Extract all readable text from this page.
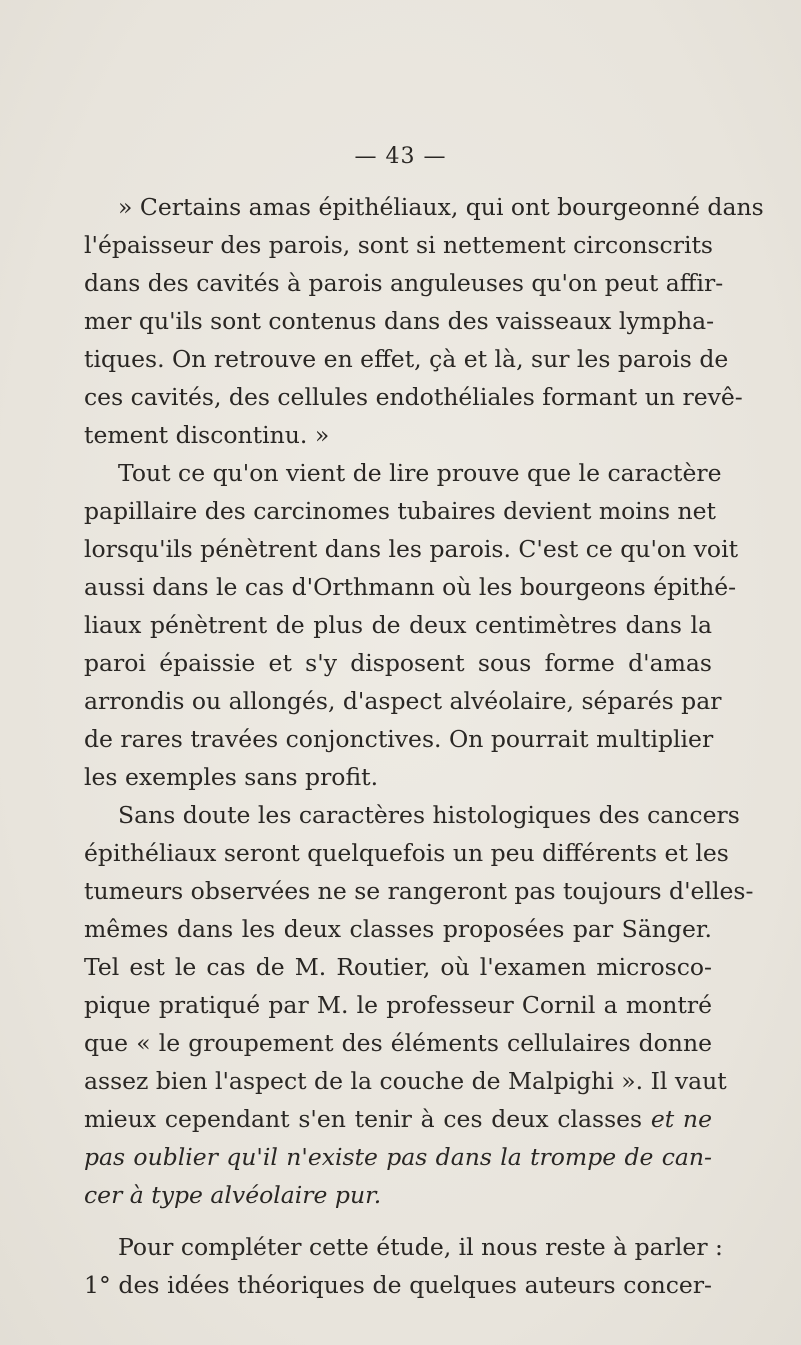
— 43 —
» Certains amas épithéliaux, qui ont bourgeonné dans
l'épaisseur des parois, sont si nettement circonscrits
dans des cavités à parois anguleuses qu'on peut affir-
mer qu'ils sont contenus dans des vaisseaux lympha-
tiques. On retrouve en effet, çà et là, sur les parois de
ces cavités, des cellules endothéliales formant un revê-
tement discontinu. »
Tout ce qu'on vient de lire prouve que le caractère
papillaire des carcinomes tubaires devient moins net
lorsqu'ils pénètrent dans les parois. C'est ce qu'on voit
aussi dans le cas d'Orthmann où les bourgeons épithé-
liaux pénètrent de plus de deux centimètres dans la
paroi épaissie et s'y disposent sous forme d'amas
arrondis ou allongés, d'aspect alvéolaire, séparés par
de rares travées conjonctives. On pourrait multiplier
les exemples sans profit.
Sans doute les caractères histologiques des cancers
épithéliaux seront quelquefois un peu différents et les
tumeurs observées ne se rangeront pas toujours d'elles-
mêmes dans les deux classes proposées par Sänger.
Tel est le cas de M. Routier, où l'examen microsco-
pique pratiqué par M. le professeur Cornil a montré
que « le groupement des éléments cellulaires donne
assez bien l'aspect de la couche de Malpighi ». Il vaut
mieux cependant s'en tenir à ces deux classes et ne
pas oublier qu'il n'existe pas dans la trompe de can-
cer à type alvéolaire pur.
Pour compléter cette étude, il nous reste à parler :
1° des idées théoriques de quelques auteurs concer-
